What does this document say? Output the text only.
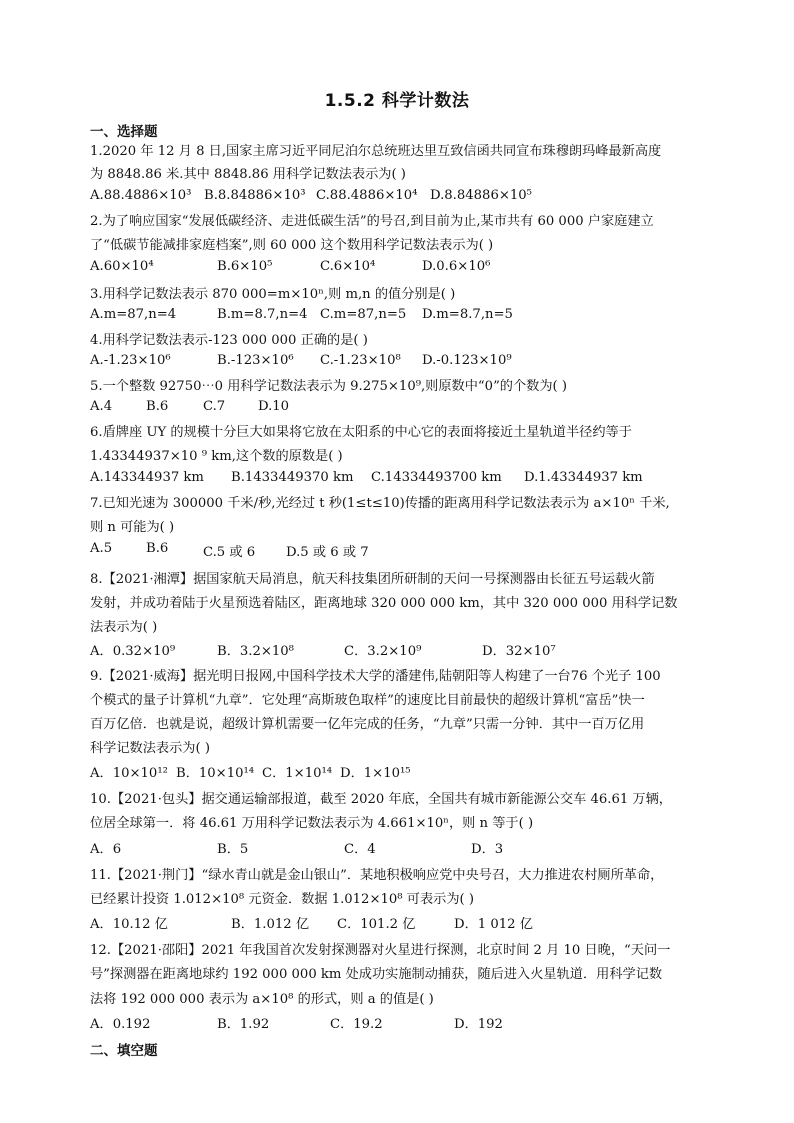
1.5.2 科学计数法
一、选择题
1.2020 年 12 月 8 日,国家主席习近平同尼泊尔总统班达里互致信函共同宣布珠穆朗玛峰最新高度
为 8848.86 米.其中 8848.86 用科学记数法表示为( )
A.88.4886×10³ B.8.84886×10³ C.88.4886×10⁴ D.8.84886×10⁵
2.为了响应国家“发展低碳经济、走进低碳生活”的号召,到目前为止,某市共有 60 000 户家庭建立
了“低碳节能减排家庭档案”,则 60 000 这个数用科学记数法表示为( )
A.60×10⁴	B.6×10⁵	C.6×10⁴	D.0.6×10⁶
3.用科学记数法表示 870 000=m×10ⁿ,则 m,n 的值分别是( )
A.m=87,n=4	B.m=8.7,n=4 C.m=87,n=5 D.m=8.7,n=5
4.用科学记数法表示-123 000 000 正确的是( )
A.-1.23×10⁶	B.-123×10⁶ C.-1.23×10⁸ D.-0.123×10⁹
5.一个整数 92750⋯0 用科学记数法表示为 9.275×10⁹,则原数中“0”的个数为( )
A.4	B.6	C.7 D.10
6.盾牌座 UY 的规模十分巨大如果将它放在太阳系的中心它的表面将接近土星轨道半径约等于
1.43344937×10 ⁹ km,这个数的原数是( )
A.143344937 km B.1433449370 km C.14334493700 km D.1.43344937 km
7.已知光速为 300000 千米/秒,光经过 t 秒(1≤t≤10)传播的距离用科学记数法表示为 a×10ⁿ 千米,
则 n 可能为( )
A.5	B.6	C.5 或 6 D.5 或 6 或 7
8.【2021·湘潭】据国家航天局消息，航天科技集团所研制的天问一号探测器由长征五号运载火箭
发射，并成功着陆于火星预选着陆区，距离地球 320 000 000 km，其中 320 000 000 用科学记数
法表示为( )
A．0.32×10⁹	B．3.2×10⁸	C．3.2×10⁹	D．32×10⁷
9.【2021·威海】据光明日报网,中国科学技术大学的潘建伟,陆朝阳等人构建了一台76 个光子 100
个模式的量子计算机“九章”．它处理“高斯玻色取样”的速度比目前最快的超级计算机“富岳”快一
百万亿倍．也就是说，超级计算机需要一亿年完成的任务，“九章”只需一分钟．其中一百万亿用
科学记数法表示为( )
A．10×10¹² B．10×10¹⁴ C．1×10¹⁴ D．1×10¹⁵
10.【2021·包头】据交通运输部报道，截至 2020 年底，全国共有城市新能源公交车 46.61 万辆，
位居全球第一．将 46.61 万用科学记数法表示为 4.661×10ⁿ，则 n 等于( )
A．6	B．5	C．4	D．3
11.【2021·荆门】“绿水青山就是金山银山”．某地积极响应党中央号召，大力推进农村厕所革命，
已经累计投资 1.012×10⁸ 元资金．数据 1.012×10⁸ 可表示为( )
A．10.12 亿	B．1.012 亿 C．101.2 亿	D．1 012 亿
12.【2021·邵阳】2021 年我国首次发射探测器对火星进行探测，北京时间 2 月 10 日晚，“天问一
号”探测器在距离地球约 192 000 000 km 处成功实施制动捕获，随后进入火星轨道．用科学记数
法将 192 000 000 表示为 a×10⁸ 的形式，则 a 的值是( )
A．0.192	B．1.92	C．19.2	D．192
二、填空题
